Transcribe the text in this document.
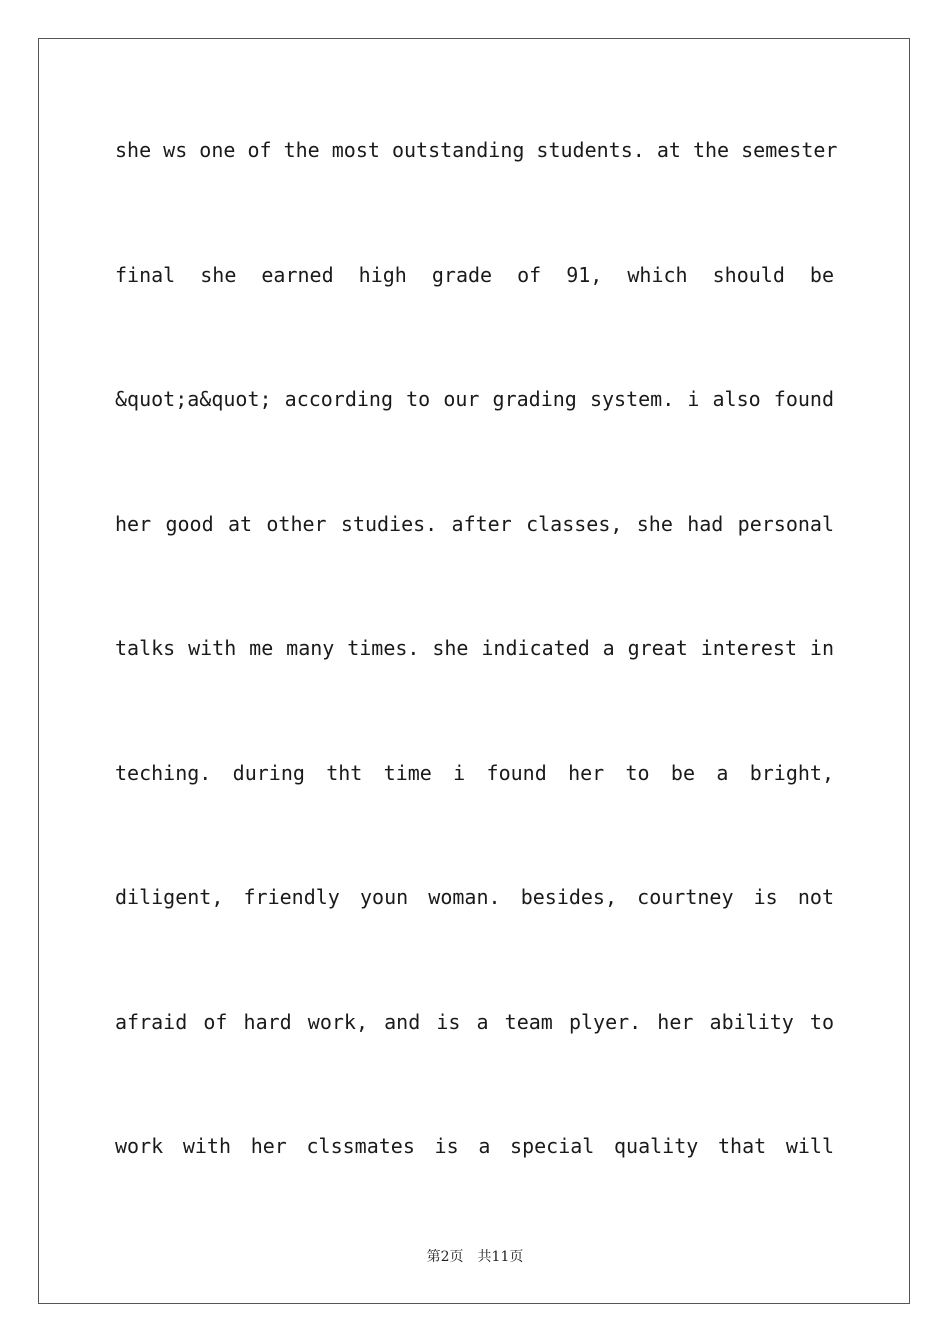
she ws one of the most outstanding students. at the semester
final she earned high grade of 91, which should be
&quot;a&quot; according to our grading system. i also found
her good at other studies. after classes, she had personal
talks with me many times. she indicated a great interest in
teching. during tht time i found her to be a bright,
diligent, friendly youn woman. besides, courtney is not
afraid of hard work, and is a team plyer. her ability to
work with her clssmates is a special quality that will
第2页 共11页
